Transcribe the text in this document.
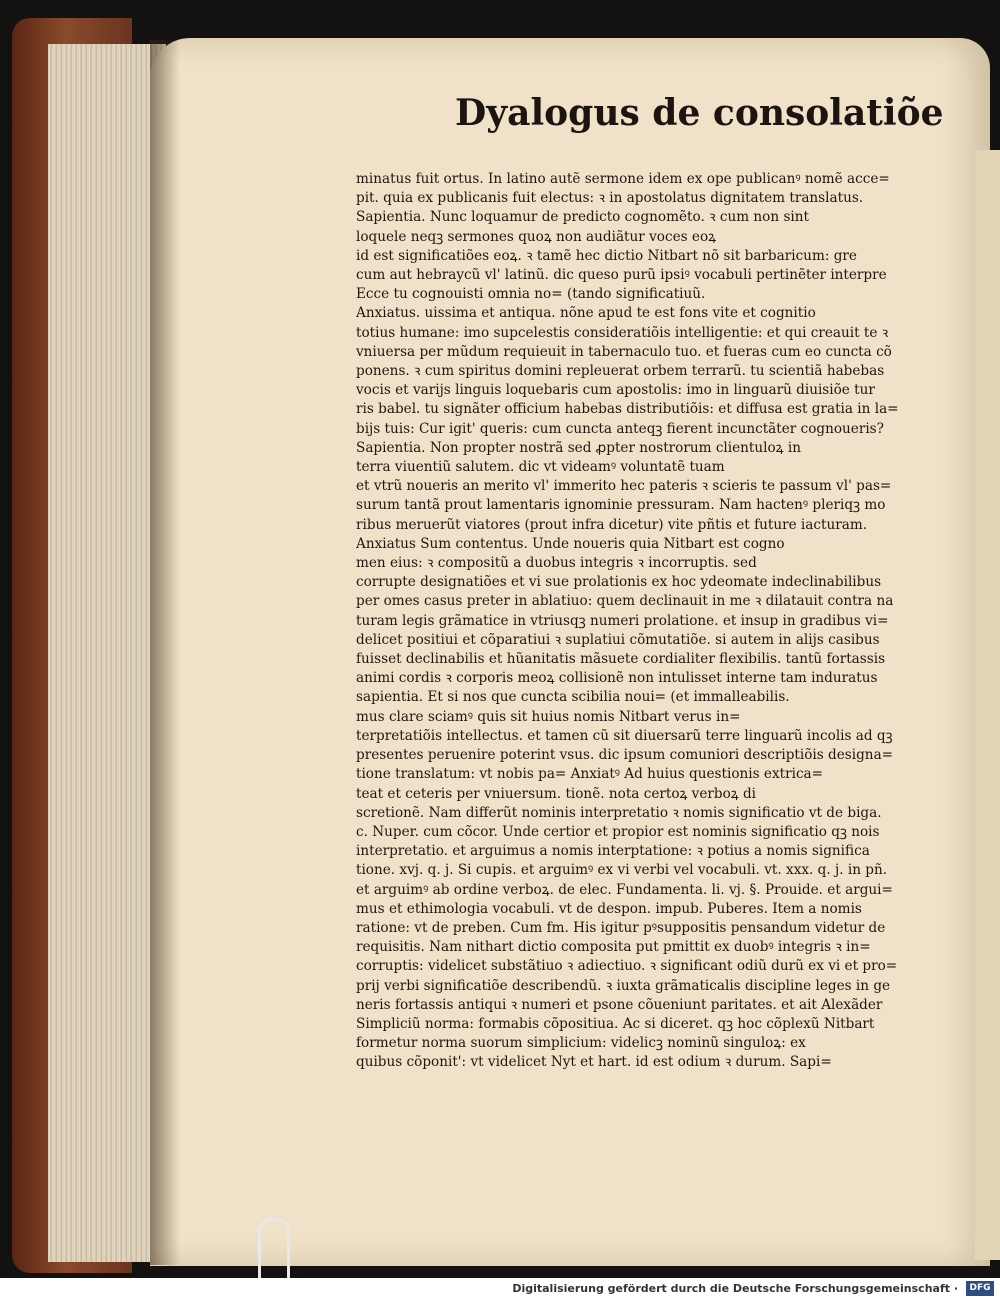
Dyalogus de consolatiõe

minatus fuit ortus. In latino autẽ sermone idem ex ope publicanꝰ nomẽ acce=

pit. quia ex publicanis fuit electus: ꝛ in apostolatus dignitatem translatus.

Sapientia. Nunc loquamur de predicto cognomẽto. ꝛ cum non sint

loquele neqꝫ sermones quoꝝ non audiãtur voces eoꝝ

id est significatiões eoꝝ. ꝛ tamẽ hec dictio Nitbart nõ sit barbaricum: gre

cum aut hebraycũ vl' latinũ. dic queso purũ ipsiꝰ vocabuli pertinẽter interpre

Ecce tu cognouisti omnia no= (tando significatiuũ.

Anxiatus. uissima et antiqua. nõne apud te est fons vite et cognitio

totius humane: imo supcelestis consideratiõis intelligentie: et qui creauit te ꝛ

vniuersa per mũdum requieuit in tabernaculo tuo. et fueras cum eo cuncta cõ

ponens. ꝛ cum spiritus domini repleuerat orbem terrarũ. tu scientiã habebas

vocis et varijs linguis loquebaris cum apostolis: imo in linguarũ diuisiõe tur

ris babel. tu signãter officium habebas distributiõis: et diffusa est gratia in la=

bijs tuis: Cur igit' queris: cum cuncta anteqꝫ fierent incunctãter cognoueris?

Sapientia. Non propter nostrã sed ꝓpter nostrorum clientuloꝝ in

terra viuentiũ salutem. dic vt videamꝰ voluntatẽ tuam

et vtrũ noueris an merito vl' immerito hec pateris ꝛ scieris te passum vl' pas=

surum tantã prout lamentaris ignominie pressuram. Nam hactenꝰ pleriqꝫ mo

ribus meruerũt viatores (prout infra dicetur) vite pñtis et future iacturam.

Anxiatus Sum contentus. Unde noueris quia Nitbart est cogno

men eius: ꝛ compositũ a duobus integris ꝛ incorruptis. sed

corrupte designatiões et vi sue prolationis ex hoc ydeomate indeclinabilibus

per omes casus preter in ablatiuo: quem declinauit in me ꝛ dilatauit contra na

turam legis grãmatice in vtriusqꝫ numeri prolatione. et insup in gradibus vi=

delicet positiui et cõparatiui ꝛ suplatiui cõmutatiõe. si autem in alijs casibus

fuisset declinabilis et hũanitatis mãsuete cordialiter flexibilis. tantũ fortassis

animi cordis ꝛ corporis meoꝝ collisionẽ non intulisset interne tam induratus

sapientia. Et si nos que cuncta scibilia noui= (et immalleabilis.

mus clare sciamꝰ quis sit huius nomis Nitbart verus in=

terpretatiõis intellectus. et tamen cũ sit diuersarũ terre linguarũ incolis ad qꝫ

presentes peruenire poterint vsus. dic ipsum comuniori descriptiõis designa=

tione translatum: vt nobis pa= Anxiatꝰ Ad huius questionis extrica=

teat et ceteris per vniuersum. tionẽ. nota certoꝝ verboꝝ di

scretionẽ. Nam differũt nominis interpretatio ꝛ nomis significatio vt de biga.

c. Nuper. cum cõcor. Unde certior et propior est nominis significatio qꝫ nois

interpretatio. et arguimus a nomis interptatione: ꝛ potius a nomis significa

tione. xvj. q. j. Si cupis. et arguimꝰ ex vi verbi vel vocabuli. vt. xxx. q. j. in pñ.

et arguimꝰ ab ordine verboꝝ. de elec. Fundamenta. li. vj. §. Prouide. et argui=

mus et ethimologia vocabuli. vt de despon. impub. Puberes. Item a nomis

ratione: vt de preben. Cum fm. His igitur pꝰsuppositis pensandum videtur de

requisitis. Nam nithart dictio composita put pmittit ex duobꝰ integris ꝛ in=

corruptis: videlicet substãtiuo ꝛ adiectiuo. ꝛ significant odiũ durũ ex vi et pro=

prij verbi significatiõe describendũ. ꝛ iuxta grãmaticalis discipline leges in ge

neris fortassis antiqui ꝛ numeri et psone cõueniunt paritates. et ait Alexãder

Simpliciũ norma: formabis cõpositiua. Ac si diceret. qꝫ hoc cõplexũ Nitbart

formetur norma suorum simplicium: videlicꝫ nominũ singuloꝝ: ex

quibus cõponit': vt videlicet Nyt et hart. id est odium ꝛ durum. Sapi=

Digitalisierung gefördert durch die Deutsche Forschungsgemeinschaft ·	DFG
